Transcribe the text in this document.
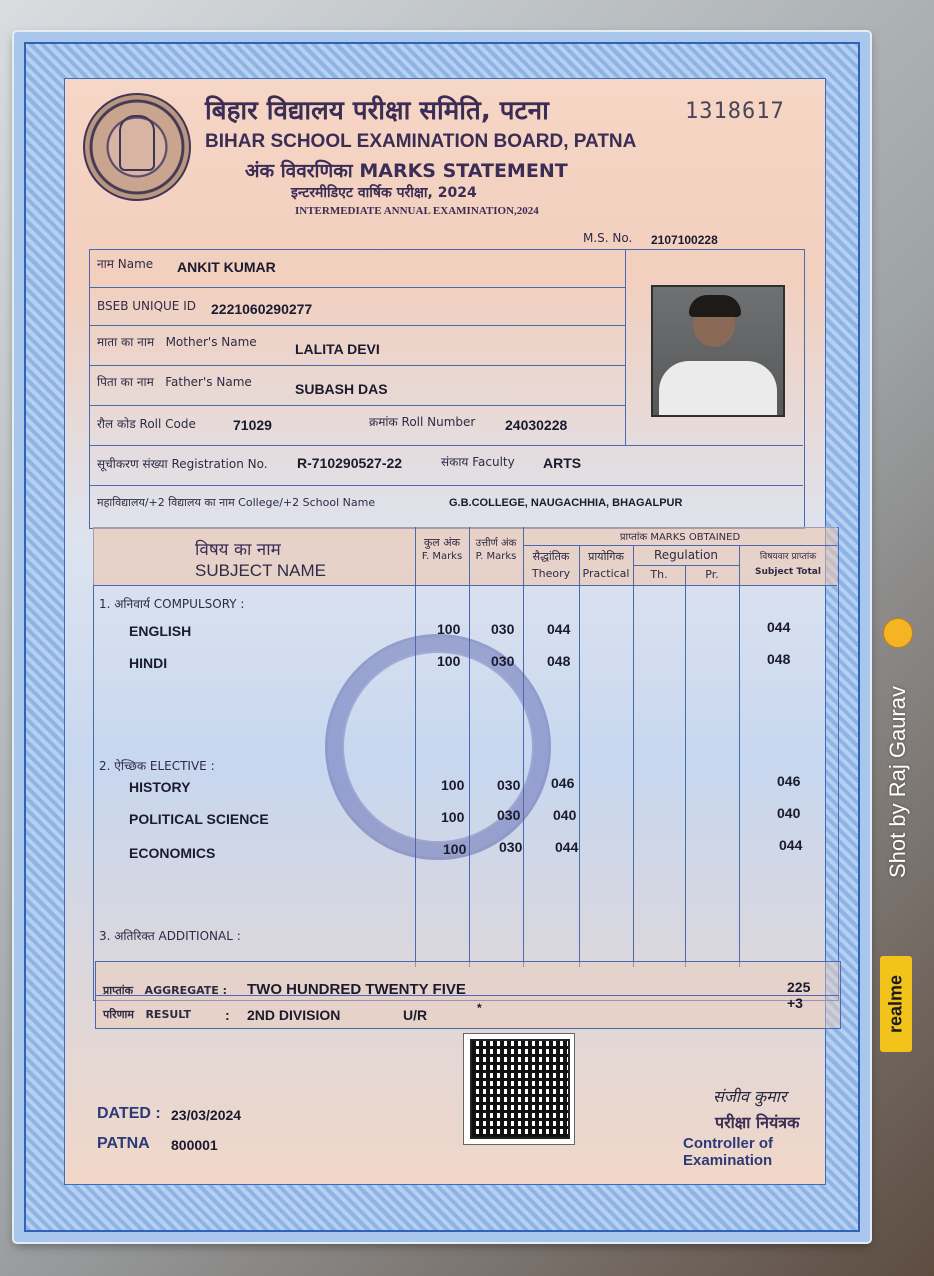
बिहार विद्यालय परीक्षा समिति, पटना	1318617
BIHAR SCHOOL EXAMINATION BOARD, PATNA
अंक विवरणिका MARKS STATEMENT
इन्टरमीडिएट वार्षिक परीक्षा, 2024
INTERMEDIATE ANNUAL EXAMINATION,2024
M.S. No. 2107100228
नाम Name ANKIT KUMAR
BSEB UNIQUE ID 2221060290277
माता का नाम   Mother's Name	LALITA DEVI
पिता का नाम   Father's Name	SUBASH DAS
रौल कोड Roll Code	71029	क्रमांक Roll Number 24030228
सूचीकरण संख्या Registration No. R-710290527-22	संकाय Faculty ARTS
महाविद्यालय/+2 विद्यालय का नाम College/+2 School Name	G.B.COLLEGE, NAUGACHHIA, BHAGALPUR
विषय का नाम
SUBJECT NAME
कुल अंक
F. Marks
उत्तीर्ण अंक
P. Marks
प्राप्तांक MARKS OBTAINED
सैद्धांतिक
Theory
प्रायोगिक
Practical
Regulation
Th.	Pr.
विषयवार प्राप्तांक
Subject Total
1. अनिवार्य COMPULSORY :
ENGLISH	100 030 044	044
HINDI	100 030 048	048
2. ऐच्छिक ELECTIVE :
HISTORY	100 030 046	046
POLITICAL SCIENCE	100 030 040	040
ECONOMICS	100 030 044	044
3. अतिरिक्त ADDITIONAL :
प्राप्तांक   AGGREGATE : TWO HUNDRED TWENTY FIVE	225 +3
परिणाम   RESULT : 2ND DIVISION	U/R	*
DATED : 23/03/2024
PATNA 800001
संजीव कुमार
परीक्षा नियंत्रक
Controller of Examination
realme
Shot by Raj Gaurav
